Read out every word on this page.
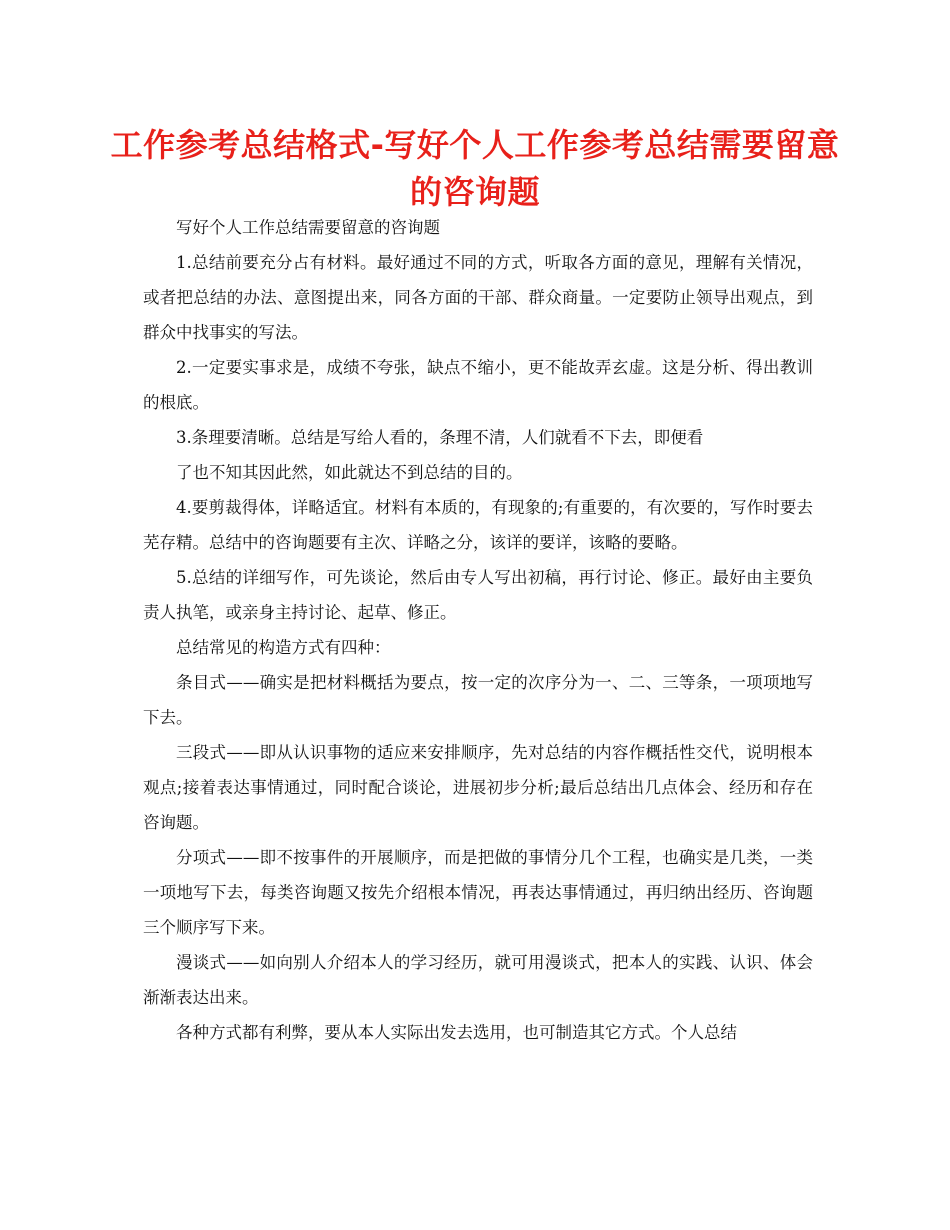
工作参考总结格式-写好个人工作参考总结需要留意的咨询题

写好个人工作总结需要留意的咨询题

1.总结前要充分占有材料。最好通过不同的方式，听取各方面的意见，理解有关情况，或者把总结的办法、意图提出来，同各方面的干部、群众商量。一定要防止领导出观点，到群众中找事实的写法。

2.一定要实事求是，成绩不夸张，缺点不缩小，更不能故弄玄虚。这是分析、得出教训的根底。

3.条理要清晰。总结是写给人看的，条理不清，人们就看不下去，即便看

了也不知其因此然，如此就达不到总结的目的。

4.要剪裁得体，详略适宜。材料有本质的，有现象的;有重要的，有次要的，写作时要去芜存精。总结中的咨询题要有主次、详略之分，该详的要详，该略的要略。

5.总结的详细写作，可先谈论，然后由专人写出初稿，再行讨论、修正。最好由主要负责人执笔，或亲身主持讨论、起草、修正。

总结常见的构造方式有四种：

条目式——确实是把材料概括为要点，按一定的次序分为一、二、三等条，一项项地写下去。

三段式——即从认识事物的适应来安排顺序，先对总结的内容作概括性交代，说明根本观点;接着表达事情通过，同时配合谈论，进展初步分析;最后总结出几点体会、经历和存在咨询题。

分项式——即不按事件的开展顺序，而是把做的事情分几个工程，也确实是几类，一类一项地写下去，每类咨询题又按先介绍根本情况，再表达事情通过，再归纳出经历、咨询题三个顺序写下来。

漫谈式——如向别人介绍本人的学习经历，就可用漫谈式，把本人的实践、认识、体会渐渐表达出来。

各种方式都有利弊，要从本人实际出发去选用，也可制造其它方式。个人总结
